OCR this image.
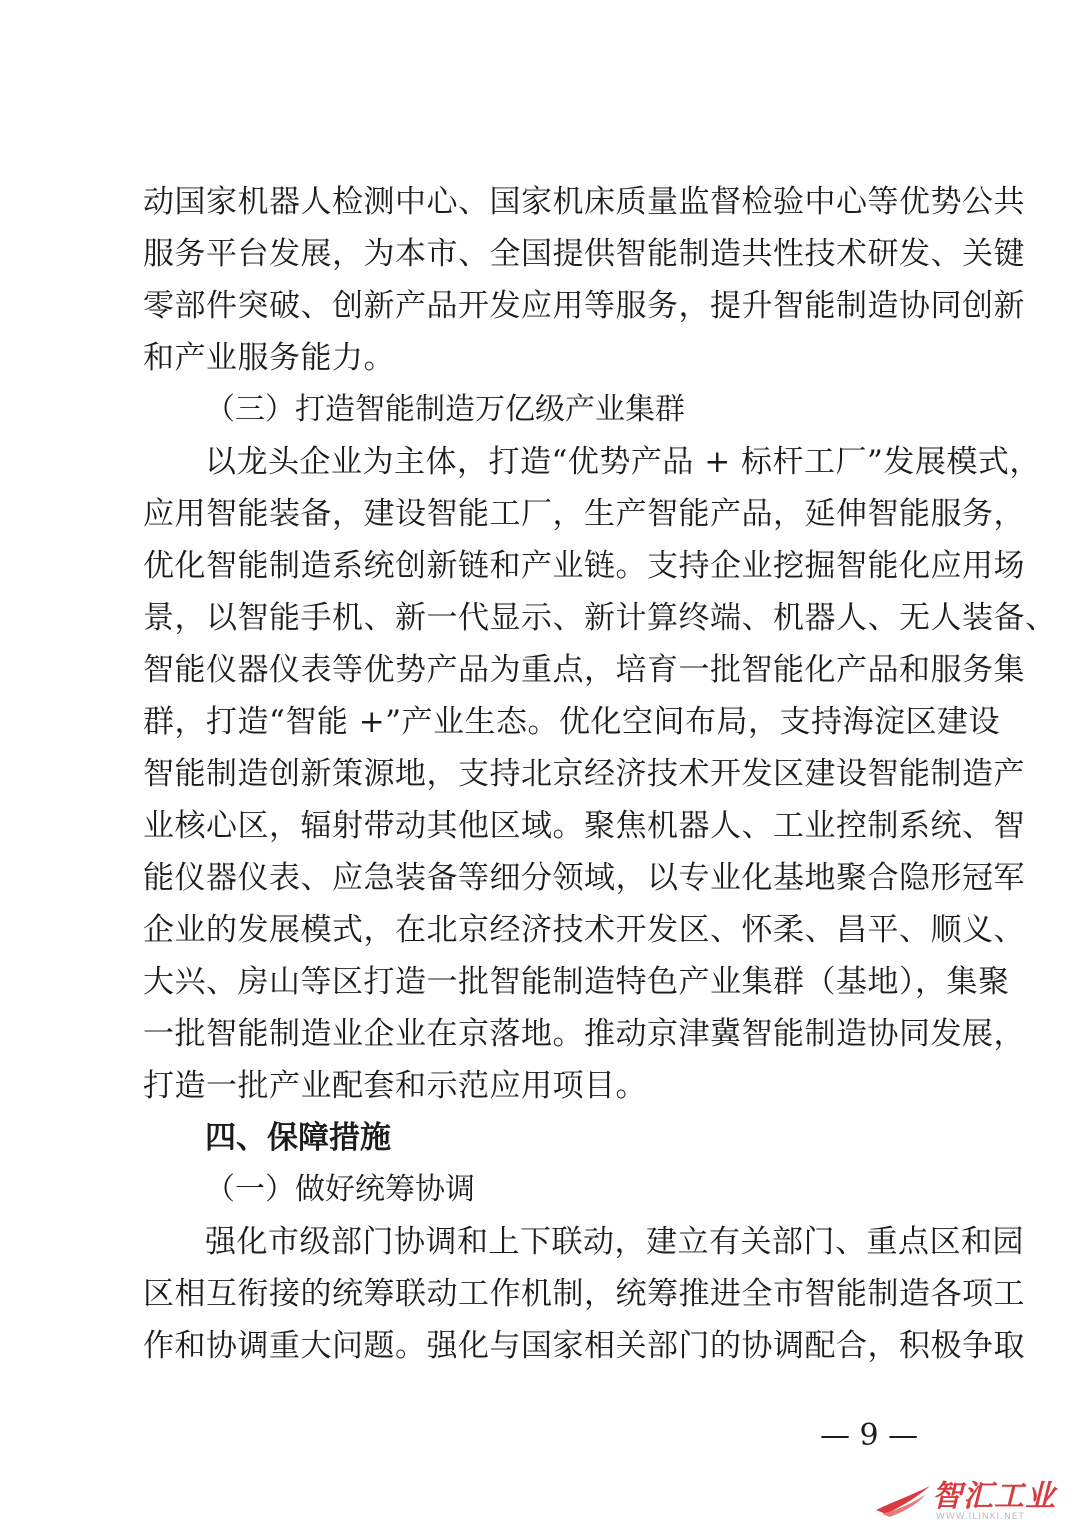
动国家机器人检测中心、国家机床质量监督检验中心等优势公共
服务平台发展，为本市、全国提供智能制造共性技术研发、关键
零部件突破、创新产品开发应用等服务，提升智能制造协同创新
和产业服务能力。
（三）打造智能制造万亿级产业集群
以龙头企业为主体，打造“优势产品 + 标杆工厂”发展模式，
应用智能装备，建设智能工厂，生产智能产品，延伸智能服务，
优化智能制造系统创新链和产业链。支持企业挖掘智能化应用场
景，以智能手机、新一代显示、新计算终端、机器人、无人装备、
智能仪器仪表等优势产品为重点，培育一批智能化产品和服务集
群，打造“智能 +”产业生态。优化空间布局，支持海淀区建设
智能制造创新策源地，支持北京经济技术开发区建设智能制造产
业核心区，辐射带动其他区域。聚焦机器人、工业控制系统、智
能仪器仪表、应急装备等细分领域，以专业化基地聚合隐形冠军
企业的发展模式，在北京经济技术开发区、怀柔、昌平、顺义、
大兴、房山等区打造一批智能制造特色产业集群（基地），集聚
一批智能制造业企业在京落地。推动京津冀智能制造协同发展，
打造一批产业配套和示范应用项目。
四、保障措施
（一）做好统筹协调
强化市级部门协调和上下联动，建立有关部门、重点区和园
区相互衔接的统筹联动工作机制，统筹推进全市智能制造各项工
作和协调重大问题。强化与国家相关部门的协调配合，积极争取
— 9 —
智汇工业
WWW.ILINKI.NET
